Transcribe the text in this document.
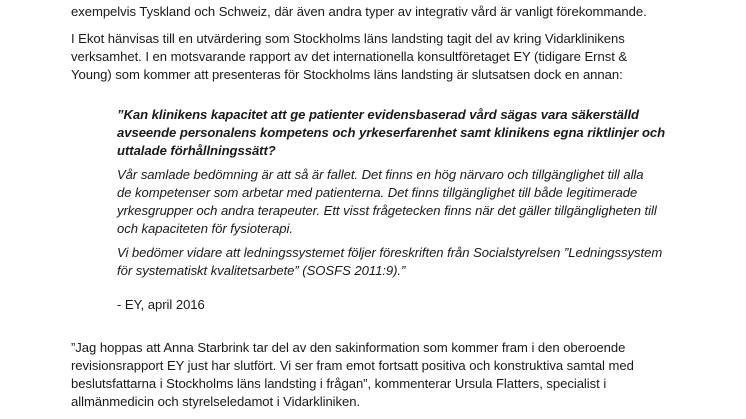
exempelvis Tyskland och Schweiz, där även andra typer av integrativ vård är vanligt förekommande.
I Ekot hänvisas till en utvärdering som Stockholms läns landsting tagit del av kring Vidarklinikens
verksamhet. I en motsvarande rapport av det internationella konsultföretaget EY (tidigare Ernst &
Young) som kommer att presenteras för Stockholms läns landsting är slutsatsen dock en annan:
”Kan klinikens kapacitet att ge patienter evidensbaserad vård sägas vara säkerställd
avseende personalens kompetens och yrkeserfarenhet samt klinikens egna riktlinjer och
uttalade förhållningssätt?
Vår samlade bedömning är att så är fallet. Det finns en hög närvaro och tillgänglighet till alla
de kompetenser som arbetar med patienterna. Det finns tillgänglighet till både legitimerade
yrkesgrupper och andra terapeuter. Ett visst frågetecken finns när det gäller tillgängligheten till
och kapaciteten för fysioterapi.
Vi bedömer vidare att ledningssystemet följer föreskriften från Socialstyrelsen ”Ledningssystem
för systematiskt kvalitetsarbete” (SOSFS 2011:9).”
- EY, april 2016
”Jag hoppas att Anna Starbrink tar del av den sakinformation som kommer fram i den oberoende
revisionsrapport EY just har slutfört. Vi ser fram emot fortsatt positiva och konstruktiva samtal med
beslutsfattarna i Stockholms läns landsting i frågan”, kommenterar Ursula Flatters, specialist i
allmänmedicin och styrelseledamot i Vidarkliniken.
